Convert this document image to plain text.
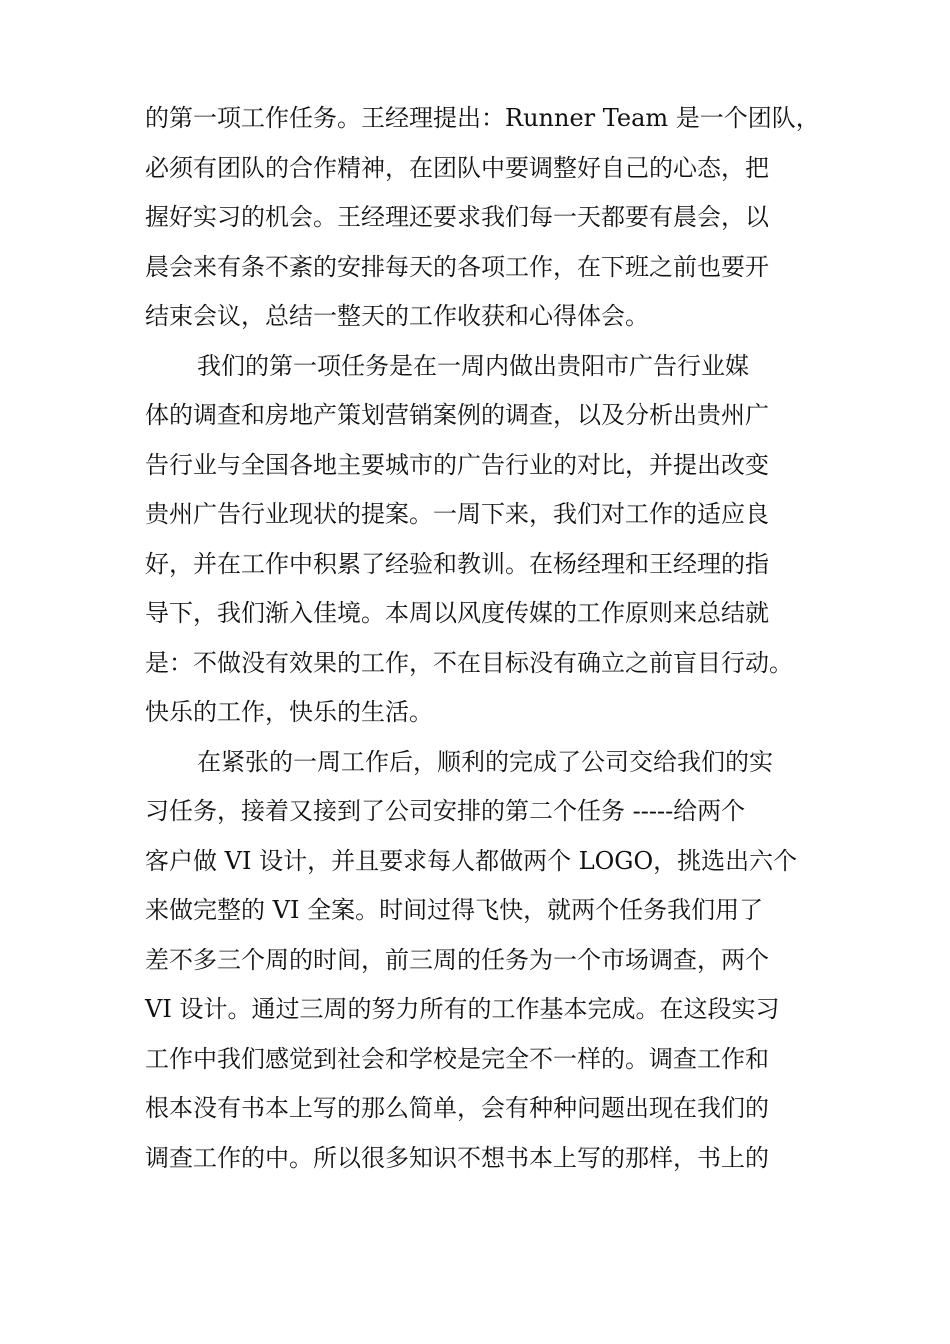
的第一项工作任务。王经理提出：Runner Team 是一个团队，
必须有团队的合作精神，在团队中要调整好自己的心态，把
握好实习的机会。王经理还要求我们每一天都要有晨会，以
晨会来有条不紊的安排每天的各项工作，在下班之前也要开
结束会议，总结一整天的工作收获和心得体会。
我们的第一项任务是在一周内做出贵阳市广告行业媒
体的调查和房地产策划营销案例的调查，以及分析出贵州广
告行业与全国各地主要城市的广告行业的对比，并提出改变
贵州广告行业现状的提案。一周下来，我们对工作的适应良
好，并在工作中积累了经验和教训。在杨经理和王经理的指
导下，我们渐入佳境。本周以风度传媒的工作原则来总结就
是：不做没有效果的工作，不在目标没有确立之前盲目行动。
快乐的工作，快乐的生活。
在紧张的一周工作后，顺利的完成了公司交给我们的实
习任务，接着又接到了公司安排的第二个任务 -----给两个
客户做 VI 设计，并且要求每人都做两个 LOGO，挑选出六个
来做完整的 VI 全案。时间过得飞快，就两个任务我们用了
差不多三个周的时间，前三周的任务为一个市场调查，两个
VI 设计。通过三周的努力所有的工作基本完成。在这段实习
工作中我们感觉到社会和学校是完全不一样的。调查工作和
根本没有书本上写的那么简单，会有种种问题出现在我们的
调查工作的中。所以很多知识不想书本上写的那样，书上的
